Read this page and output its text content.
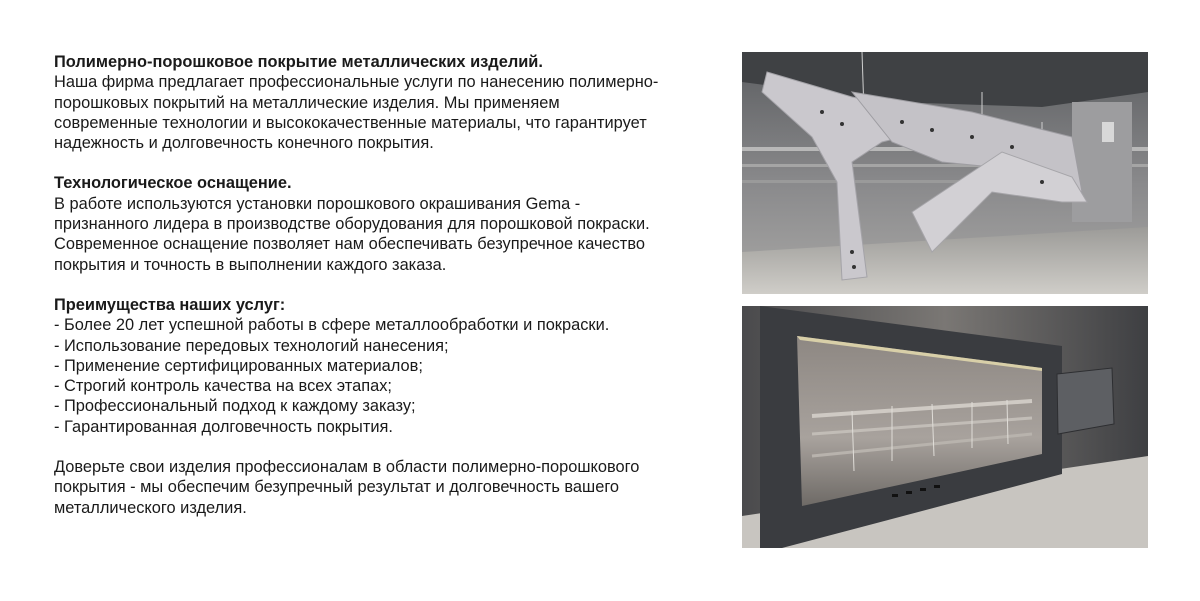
Полимерно-порошковое покрытие металлических изделий.
Наша фирма предлагает профессиональные услуги по нанесению полимерно-
порошковых покрытий на металлические изделия. Мы применяем
современные технологии и высококачественные материалы, что гарантирует
надежность и долговечность конечного покрытия.
Технологическое оснащение.
В работе используются установки порошкового окрашивания Gema -
признанного лидера в производстве оборудования для порошковой покраски.
Современное оснащение позволяет нам обеспечивать безупречное качество
покрытия и точность в выполнении каждого заказа.
Преимущества наших услуг:
- Более 20 лет успешной работы в сфере металлообработки и покраски.
- Использование передовых технологий нанесения;
- Применение сертифицированных материалов;
- Строгий контроль качества на всех этапах;
- Профессиональный подход к каждому заказу;
- Гарантированная долговечность покрытия.
Доверьте свои изделия профессионалам в области полимерно-порошкового
покрытия - мы обеспечим безупречный результат и долговечность вашего
металлического изделия.
